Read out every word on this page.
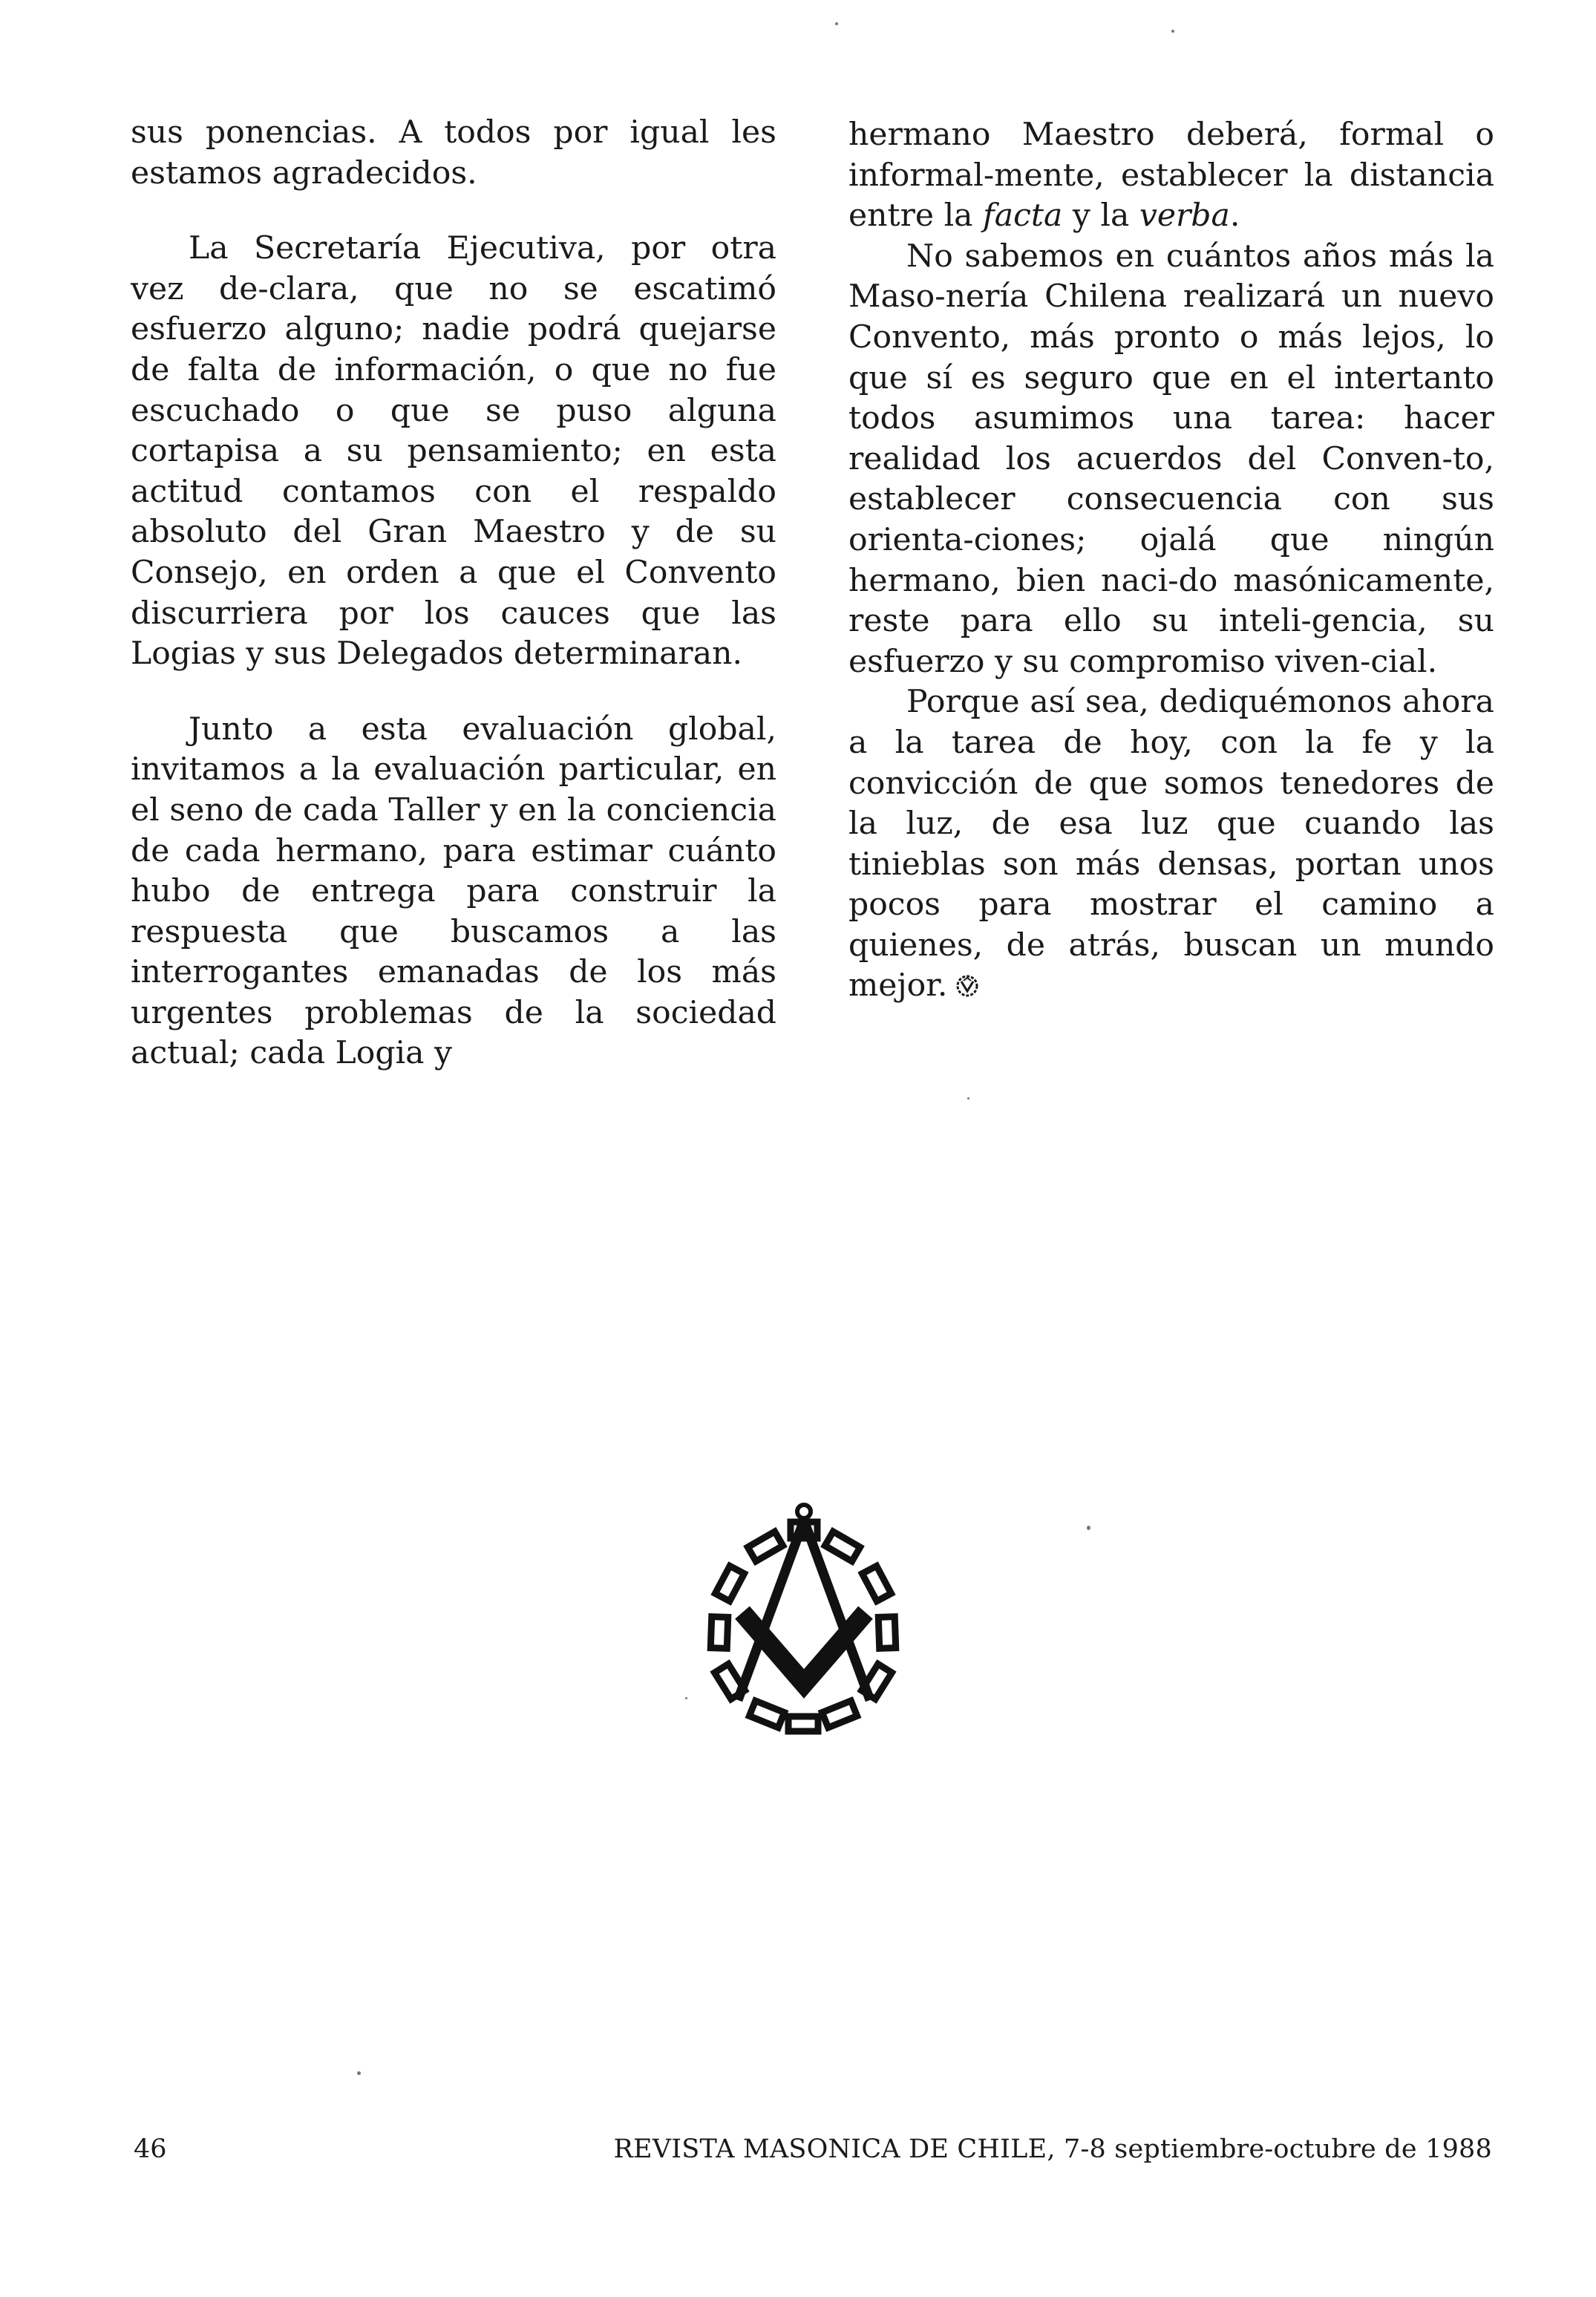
sus ponencias. A todos por igual les estamos agradecidos.

La Secretaría Ejecutiva, por otra vez de-clara, que no se escatimó esfuerzo alguno; nadie podrá quejarse de falta de información, o que no fue escuchado o que se puso alguna cortapisa a su pensamiento; en esta actitud contamos con el respaldo absoluto del Gran Maestro y de su Consejo, en orden a que el Convento discurriera por los cauces que las Logias y sus Delegados determinaran.

Junto a esta evaluación global, invitamos a la evaluación particular, en el seno de cada Taller y en la conciencia de cada hermano, para estimar cuánto hubo de entrega para construir la respuesta que buscamos a las interrogantes emanadas de los más urgentes problemas de la sociedad actual; cada Logia y

hermano Maestro deberá, formal o informal-mente, establecer la distancia entre la facta y la verba.

No sabemos en cuántos años más la Maso-nería Chilena realizará un nuevo Convento, más pronto o más lejos, lo que sí es seguro que en el intertanto todos asumimos una tarea: hacer realidad los acuerdos del Conven-to, establecer consecuencia con sus orienta-ciones; ojalá que ningún hermano, bien naci-do masónicamente, reste para ello su inteli-gencia, su esfuerzo y su compromiso viven-cial.

Porque así sea, dediquémonos ahora a la tarea de hoy, con la fe y la convicción de que somos tenedores de la luz, de esa luz que cuando las tinieblas son más densas, portan unos pocos para mostrar el camino a quienes, de atrás, buscan un mundo mejor.

46	REVISTA MASONICA DE CHILE, 7-8 septiembre-octubre de 1988
